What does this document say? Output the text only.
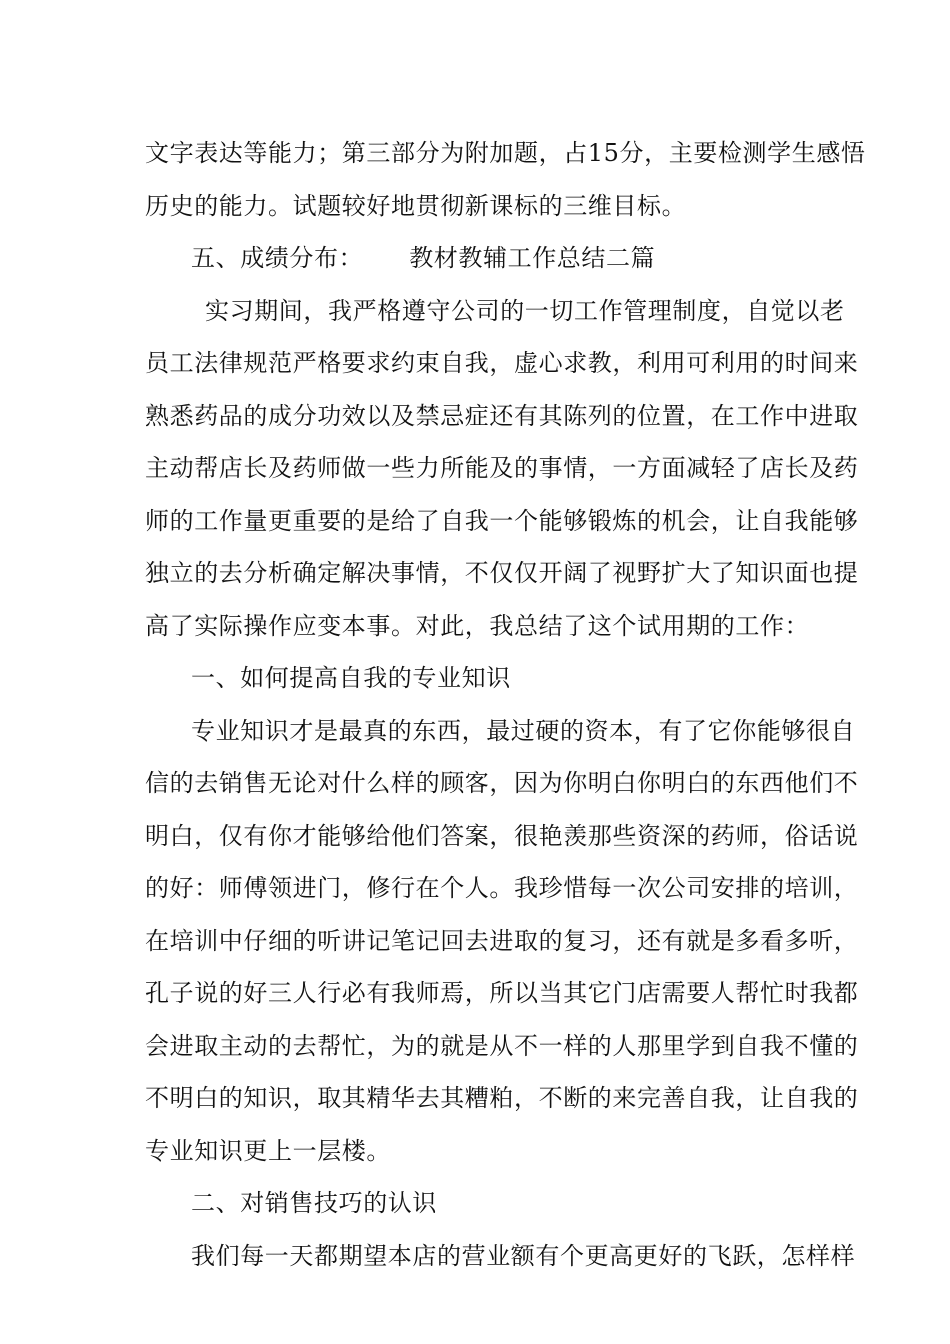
文字表达等能力；第三部分为附加题，占15分，主要检测学生感悟
历史的能力。试题较好地贯彻新课标的三维目标。
五、成绩分布： 教材教辅工作总结二篇
实习期间，我严格遵守公司的一切工作管理制度，自觉以老
员工法律规范严格要求约束自我，虚心求教，利用可利用的时间来
熟悉药品的成分功效以及禁忌症还有其陈列的位置，在工作中进取
主动帮店长及药师做一些力所能及的事情，一方面减轻了店长及药
师的工作量更重要的是给了自我一个能够锻炼的机会，让自我能够
独立的去分析确定解决事情，不仅仅开阔了视野扩大了知识面也提
高了实际操作应变本事。对此，我总结了这个试用期的工作：
一、如何提高自我的专业知识
专业知识才是最真的东西，最过硬的资本，有了它你能够很自
信的去销售无论对什么样的顾客，因为你明白你明白的东西他们不
明白，仅有你才能够给他们答案，很艳羡那些资深的药师，俗话说
的好：师傅领进门，修行在个人。我珍惜每一次公司安排的培训，
在培训中仔细的听讲记笔记回去进取的复习，还有就是多看多听，
孔子说的好三人行必有我师焉，所以当其它门店需要人帮忙时我都
会进取主动的去帮忙，为的就是从不一样的人那里学到自我不懂的
不明白的知识，取其精华去其糟粕，不断的来完善自我，让自我的
专业知识更上一层楼。
二、对销售技巧的认识
我们每一天都期望本店的营业额有个更高更好的飞跃，怎样样
